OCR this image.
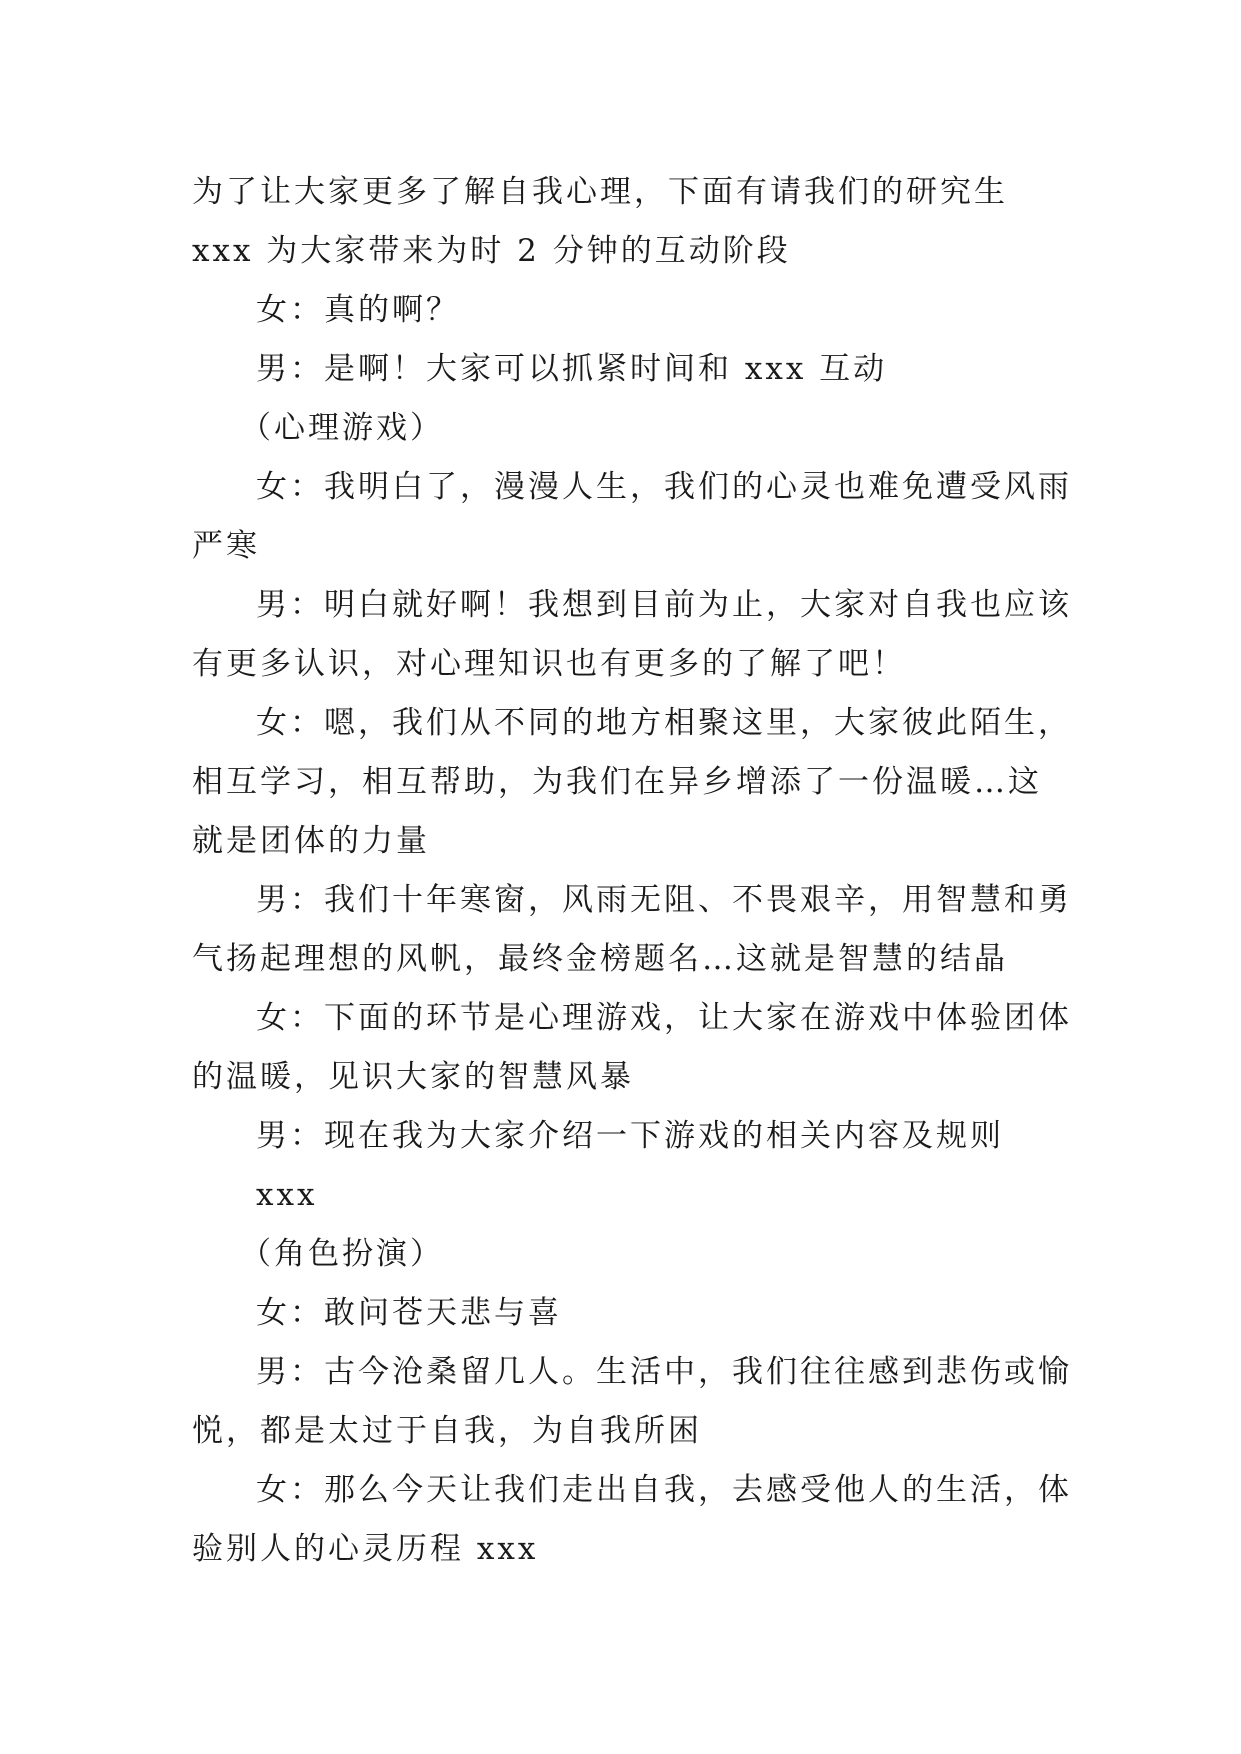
为了让大家更多了解自我心理，下面有请我们的研究生 xxx 为大家带来为时 2 分钟的互动阶段

女：真的啊？

男：是啊！大家可以抓紧时间和 xxx 互动

（心理游戏）

女：我明白了，漫漫人生，我们的心灵也难免遭受风雨严寒

男：明白就好啊！我想到目前为止，大家对自我也应该有更多认识，对心理知识也有更多的了解了吧！

女：嗯，我们从不同的地方相聚这里，大家彼此陌生，相互学习，相互帮助，为我们在异乡增添了一份温暖…这就是团体的力量

男：我们十年寒窗，风雨无阻、不畏艰辛，用智慧和勇气扬起理想的风帆，最终金榜题名…这就是智慧的结晶

女：下面的环节是心理游戏，让大家在游戏中体验团体的温暖，见识大家的智慧风暴

男：现在我为大家介绍一下游戏的相关内容及规则

xxx

（角色扮演）

女：敢问苍天悲与喜

男：古今沧桑留几人。生活中，我们往往感到悲伤或愉悦，都是太过于自我，为自我所困

女：那么今天让我们走出自我，去感受他人的生活，体验别人的心灵历程 xxx
